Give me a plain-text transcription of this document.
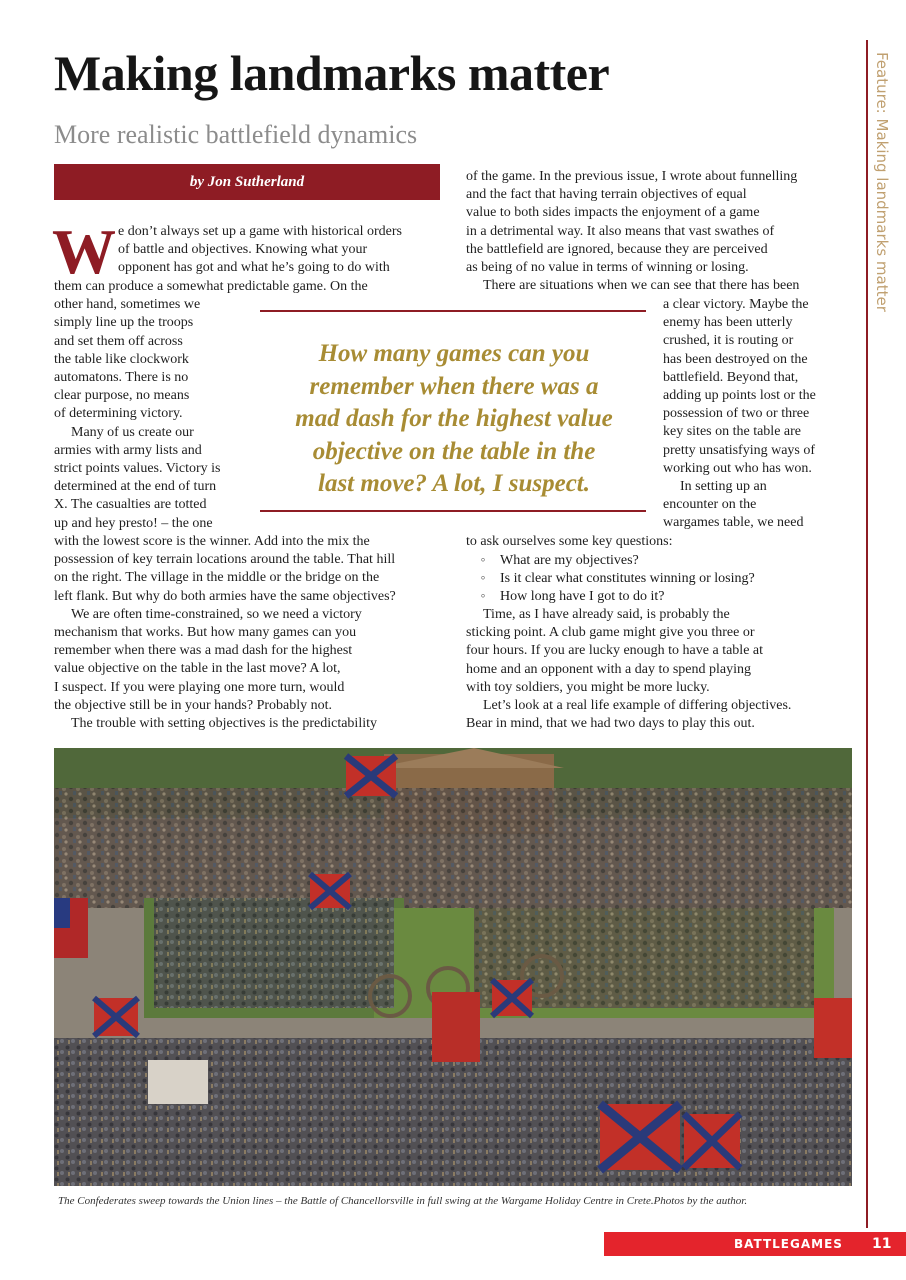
Making landmarks matter
More realistic battlefield dynamics
by Jon Sutherland	Feature: Making landmarks matter
W e don’t always set up a game with historical orders
of battle and objectives. Knowing what your
opponent has got and what he’s going to do with
them can produce a somewhat predictable game. On the
other hand, sometimes we
simply line up the troops
and set them off across
the table like clockwork
automatons. There is no
clear purpose, no means
of determining victory.
Many of us create our
armies with army lists and
strict points values. Victory is
determined at the end of turn
X. The casualties are totted
up and hey presto! – the one
with the lowest score is the winner. Add into the mix the
possession of key terrain locations around the table. That hill
on the right. The village in the middle or the bridge on the
left flank. But why do both armies have the same objectives?
We are often time-constrained, so we need a victory
mechanism that works. But how many games can you
remember when there was a mad dash for the highest
value objective on the table in the last move? A lot,
I suspect. If you were playing one more turn, would
the objective still be in your hands? Probably not.
The trouble with setting objectives is the predictability
of the game. In the previous issue, I wrote about funnelling
and the fact that having terrain objectives of equal
value to both sides impacts the enjoyment of a game
in a detrimental way. It also means that vast swathes of
the battlefield are ignored, because they are perceived
as being of no value in terms of winning or losing.
There are situations when we can see that there has been
a clear victory. Maybe the
enemy has been utterly
crushed, it is routing or
has been destroyed on the
battlefield. Beyond that,
adding up points lost or the
possession of two or three
key sites on the table are
pretty unsatisfying ways of
working out who has won.
In setting up an
encounter on the
wargames table, we need
to ask ourselves some key questions:
◦ What are my objectives?
◦ Is it clear what constitutes winning or losing?
◦ How long have I got to do it?
Time, as I have already said, is probably the
sticking point. A club game might give you three or
four hours. If you are lucky enough to have a table at
home and an opponent with a day to spend playing
with toy soldiers, you might be more lucky.
Let’s look at a real life example of differing objectives.
Bear in mind, that we had two days to play this out.
How many games can you
remember when there was a
mad dash for the highest value
objective on the table in the
last move? A lot, I suspect.

The Confederates sweep towards the Union lines – the Battle of Chancellorsville in full swing at the Wargame Holiday Centre in Crete.Photos by the author.

BATTLEGAMES 11
